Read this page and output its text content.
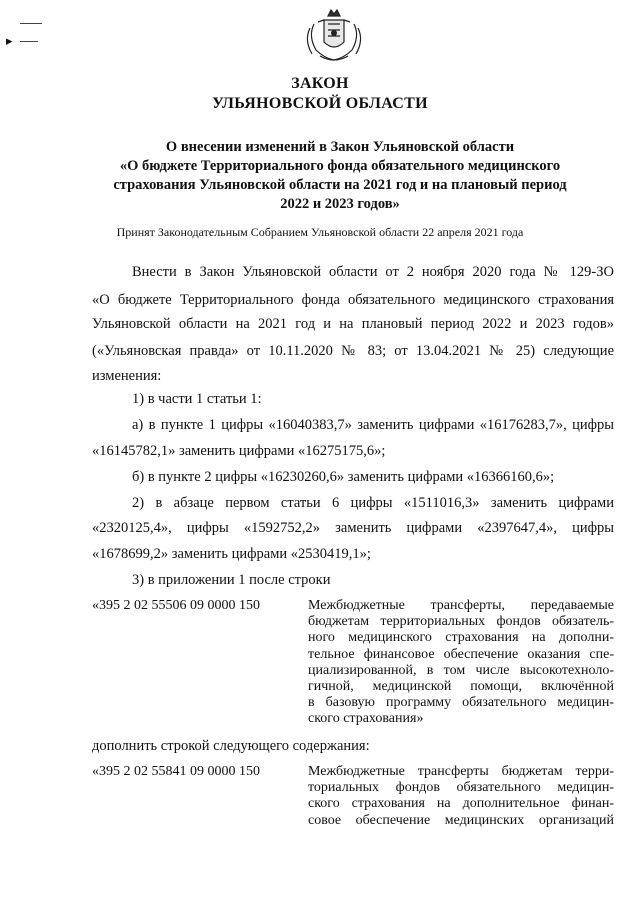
▸
ЗАКОН
УЛЬЯНОВСКОЙ ОБЛАСТИ
О внесении изменений в Закон Ульяновской области
«О бюджете Территориального фонда обязательного медицинского
страхования Ульяновской области на 2021 год и на плановый период
2022 и 2023 годов»
Принят Законодательным Собранием Ульяновской области 22 апреля 2021 года
Внести в Закон Ульяновской области от 2 ноября 2020 года № 129-ЗО
«О бюджете Территориального фонда обязательного медицинского страхования
Ульяновской области на 2021 год и на плановый период 2022 и 2023 годов»
(«Ульяновская правда» от 10.11.2020 № 83; от 13.04.2021 № 25) следующие
изменения:
1) в части 1 статьи 1:
а) в пункте 1 цифры «16040383,7» заменить цифрами «16176283,7», цифры
«16145782,1» заменить цифрами «16275175,6»;
б) в пункте 2 цифры «16230260,6» заменить цифрами «16366160,6»;
2) в абзаце первом статьи 6 цифры «1511016,3» заменить цифрами
«2320125,4», цифры «1592752,2» заменить цифрами «2397647,4», цифры
«1678699,2» заменить цифрами «2530419,1»;
3) в приложении 1 после строки
«395 2 02 55506 09 0000 150	Межбюджетные трансферты, передаваемые
бюджетам территориальных фондов обязатель-
ного медицинского страхования на дополни-
тельное финансовое обеспечение оказания спе-
циализированной, в том числе высокотехноло-
гичной, медицинской помощи, включённой
в базовую программу обязательного медицин-
ского страхования»
дополнить строкой следующего содержания:
«395 2 02 55841 09 0000 150	Межбюджетные трансферты бюджетам терри-
ториальных фондов обязательного медицин-
ского страхования на дополнительное финан-
совое обеспечение медицинских организаций
